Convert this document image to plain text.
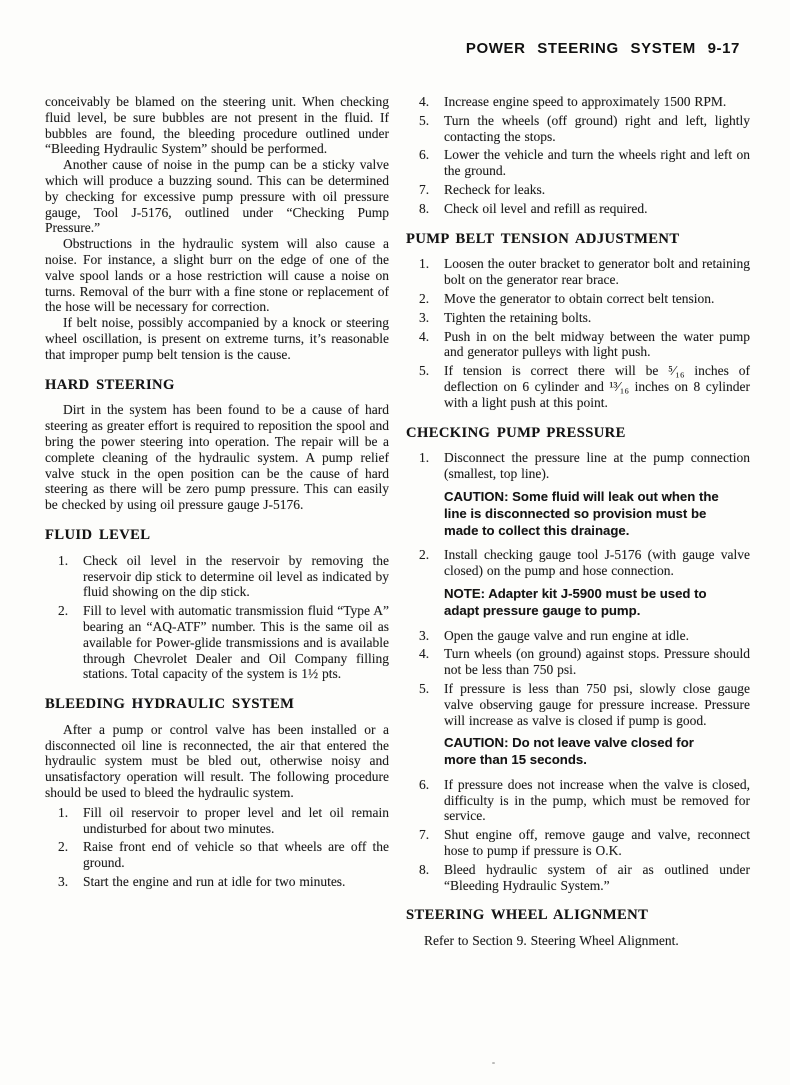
POWER STEERING SYSTEM 9-17

conceivably be blamed on the steering unit. When checking fluid level, be sure bubbles are not present in the fluid. If bubbles are found, the bleeding procedure outlined under “Bleeding Hydraulic System” should be performed.

Another cause of noise in the pump can be a sticky valve which will produce a buzzing sound. This can be determined by checking for excessive pump pressure with oil pressure gauge, Tool J-5176, outlined under “Checking Pump Pressure.”

Obstructions in the hydraulic system will also cause a noise. For instance, a slight burr on the edge of one of the valve spool lands or a hose restriction will cause a noise on turns. Removal of the burr with a fine stone or replacement of the hose will be necessary for correction.

If belt noise, possibly accompanied by a knock or steering wheel oscillation, is present on extreme turns, it’s reasonable that improper pump belt tension is the cause.

HARD STEERING

Dirt in the system has been found to be a cause of hard steering as greater effort is required to reposition the spool and bring the power steering into operation. The repair will be a complete cleaning of the hydraulic system. A pump relief valve stuck in the open position can be the cause of hard steering as there will be zero pump pressure. This can easily be checked by using oil pressure gauge J-5176.

FLUID LEVEL
1. Check oil level in the reservoir by removing the reservoir dip stick to determine oil level as indicated by fluid showing on the dip stick.
2. Fill to level with automatic transmission fluid “Type A” bearing an “AQ-ATF” number. This is the same oil as available for Power-glide transmissions and is available through Chevrolet Dealer and Oil Company filling stations. Total capacity of the system is 1½ pts.
BLEEDING HYDRAULIC SYSTEM

After a pump or control valve has been installed or a disconnected oil line is reconnected, the air that entered the hydraulic system must be bled out, otherwise noisy and unsatisfactory operation will result. The following procedure should be used to bleed the hydraulic system.

1. Fill oil reservoir to proper level and let oil remain undisturbed for about two minutes.
2. Raise front end of vehicle so that wheels are off the ground.
3. Start the engine and run at idle for two minutes.
4. Increase engine speed to approximately 1500 RPM.
5. Turn the wheels (off ground) right and left, lightly contacting the stops.
6. Lower the vehicle and turn the wheels right and left on the ground.
7. Recheck for leaks.
8. Check oil level and refill as required.
PUMP BELT TENSION ADJUSTMENT
1. Loosen the outer bracket to generator bolt and retaining bolt on the generator rear brace.
2. Move the generator to obtain correct belt tension.
3. Tighten the retaining bolts.
4. Push in on the belt midway between the water pump and generator pulleys with light push.
5. If tension is correct there will be ⁵⁄₁₆ inches of deflection on 6 cylinder and ¹³⁄₁₆ inches on 8 cylinder with a light push at this point.
CHECKING PUMP PRESSURE
1. Disconnect the pressure line at the pump connection (smallest, top line).

CAUTION: Some fluid will leak out when the line is disconnected so provision must be made to collect this drainage.

2. Install checking gauge tool J-5176 (with gauge valve closed) on the pump and hose connection.

NOTE: Adapter kit J-5900 must be used to adapt pressure gauge to pump.

3. Open the gauge valve and run engine at idle.
4. Turn wheels (on ground) against stops. Pressure should not be less than 750 psi.
5. If pressure is less than 750 psi, slowly close gauge valve observing gauge for pressure increase. Pressure will increase as valve is closed if pump is good.

CAUTION: Do not leave valve closed for more than 15 seconds.

6. If pressure does not increase when the valve is closed, difficulty is in the pump, which must be removed for service.
7. Shut engine off, remove gauge and valve, reconnect hose to pump if pressure is O.K.
8. Bleed hydraulic system of air as outlined under “Bleeding Hydraulic System.”
STEERING WHEEL ALIGNMENT

Refer to Section 9. Steering Wheel Alignment.
